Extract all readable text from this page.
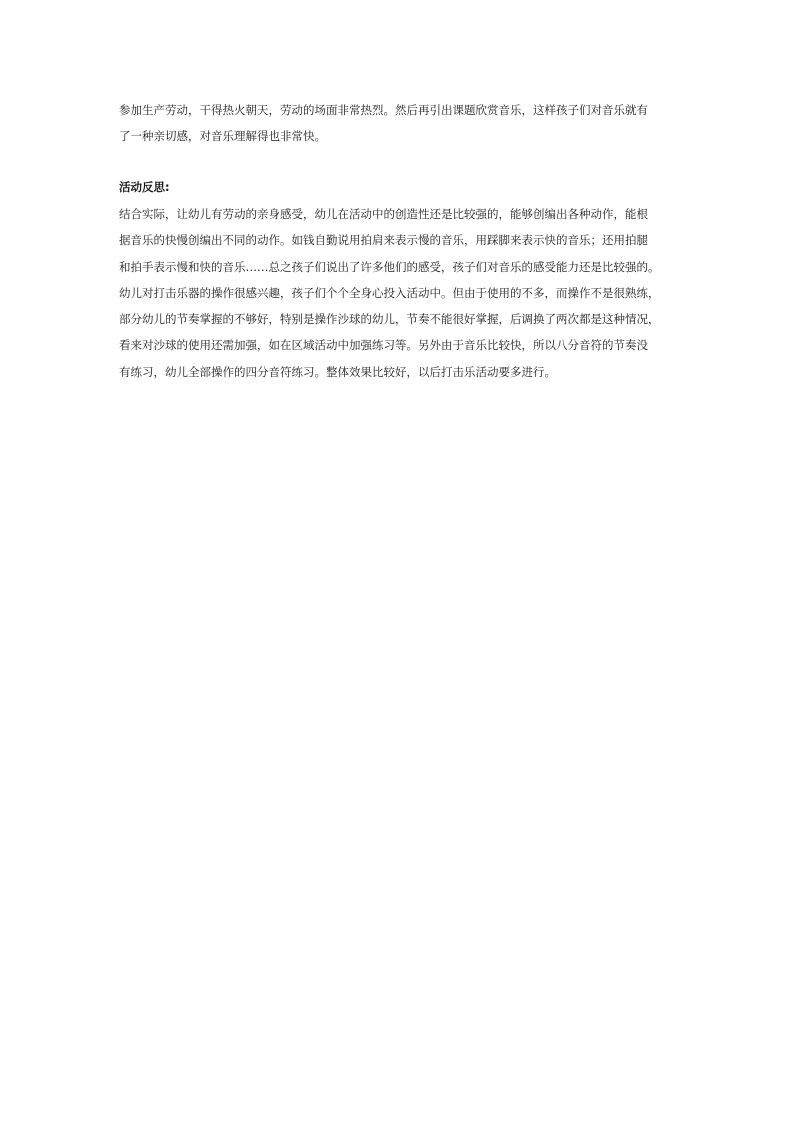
参加生产劳动，干得热火朝天，劳动的场面非常热烈。然后再引出课题欣赏音乐，这样孩子们对音乐就有
了一种亲切感，对音乐理解得也非常快。
活动反思:
结合实际，让幼儿有劳动的亲身感受，幼儿在活动中的创造性还是比较强的，能够创编出各种动作，能根
据音乐的快慢创编出不同的动作。如钱自勤说用拍肩来表示慢的音乐，用踩脚来表示快的音乐；还用拍腿
和拍手表示慢和快的音乐……总之孩子们说出了许多他们的感受，孩子们对音乐的感受能力还是比较强的。
幼儿对打击乐器的操作很感兴趣，孩子们个个全身心投入活动中。但由于使用的不多，而操作不是很熟练，
部分幼儿的节奏掌握的不够好，特别是操作沙球的幼儿，节奏不能很好掌握，后调换了两次都是这种情况，
看来对沙球的使用还需加强，如在区域活动中加强练习等。另外由于音乐比较快，所以八分音符的节奏没
有练习，幼儿全部操作的四分音符练习。整体效果比较好，以后打击乐活动要多进行。
